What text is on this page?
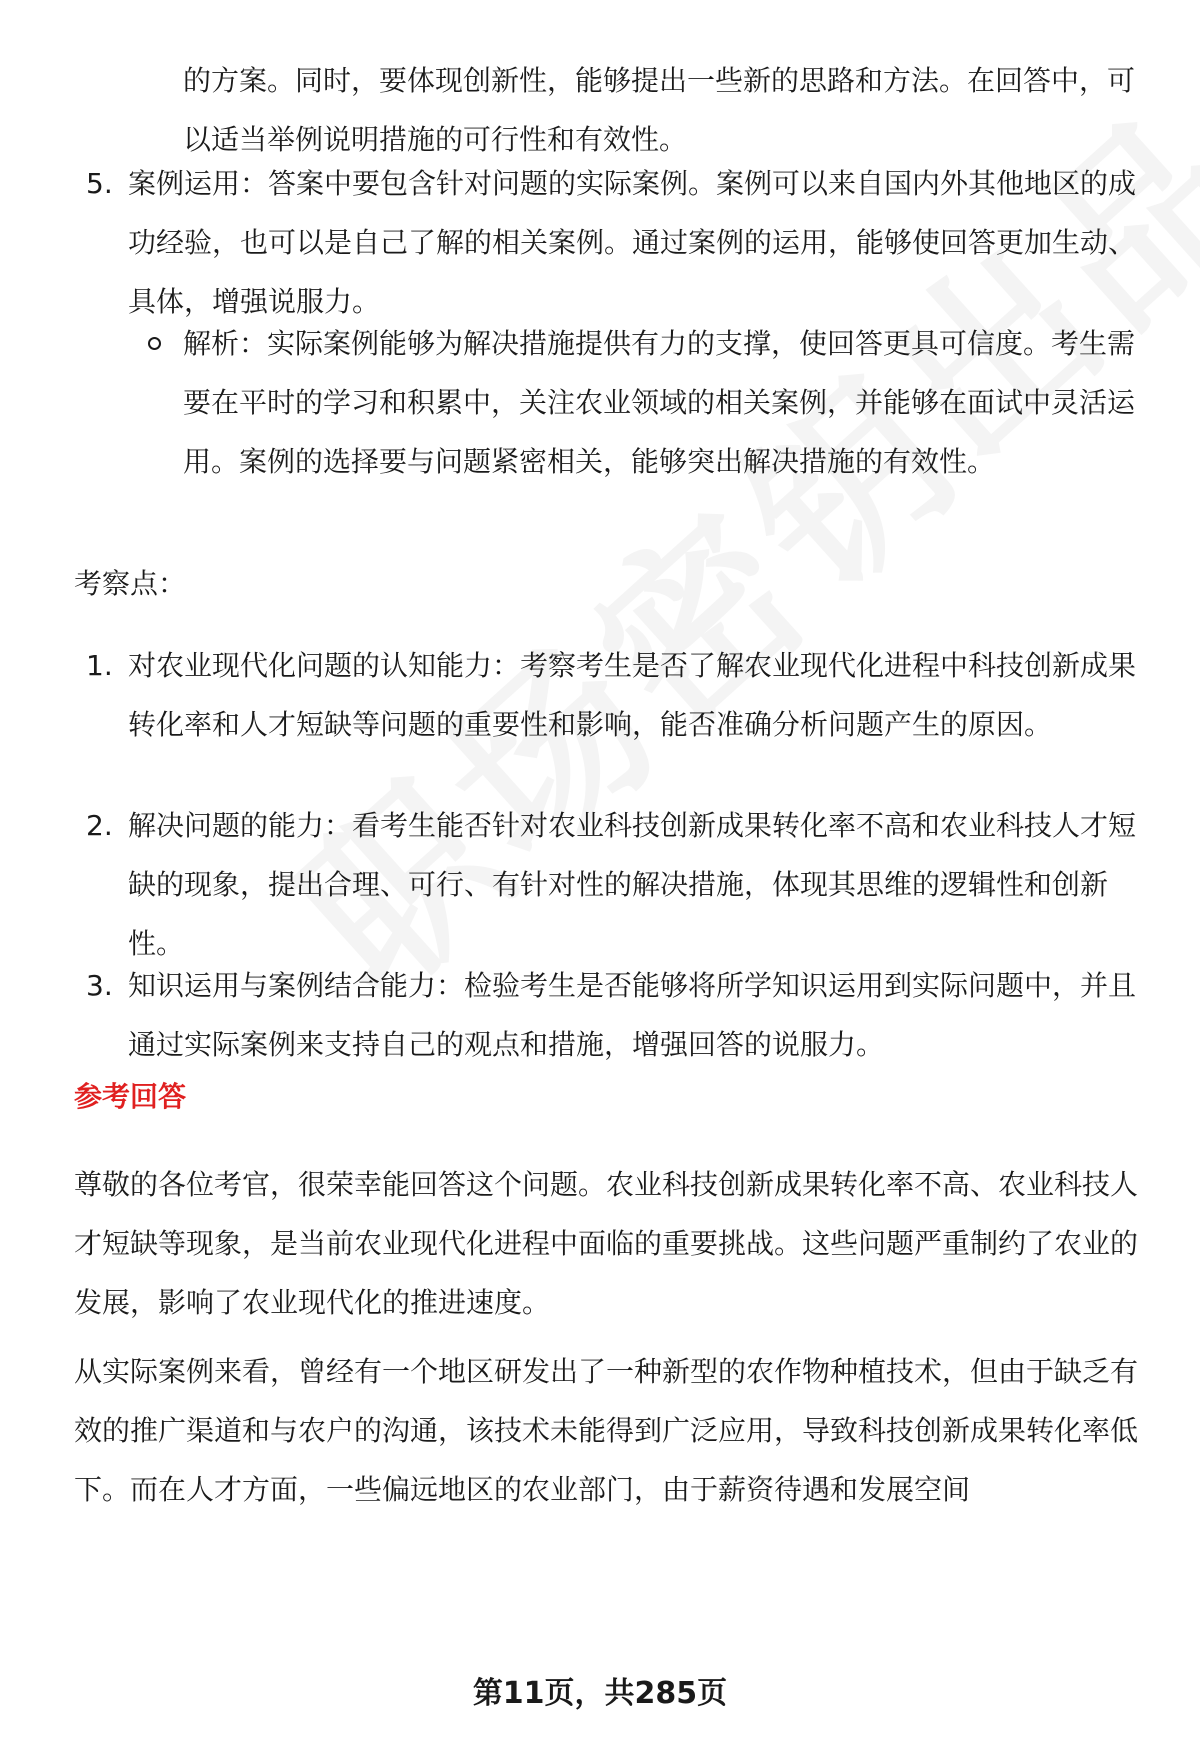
的方案。同时，要体现创新性，能够提出一些新的思路和方法。在回答中，可以适当举例说明措施的可行性和有效性。
5. 案例运用：答案中要包含针对问题的实际案例。案例可以来自国内外其他地区的成功经验，也可以是自己了解的相关案例。通过案例的运用，能够使回答更加生动、具体，增强说服力。
解析：实际案例能够为解决措施提供有力的支撑，使回答更具可信度。考生需要在平时的学习和积累中，关注农业领域的相关案例，并能够在面试中灵活运用。案例的选择要与问题紧密相关，能够突出解决措施的有效性。
考察点：
1. 对农业现代化问题的认知能力：考察考生是否了解农业现代化进程中科技创新成果转化率和人才短缺等问题的重要性和影响，能否准确分析问题产生的原因。
2. 解决问题的能力：看考生能否针对农业科技创新成果转化率不高和农业科技人才短缺的现象，提出合理、可行、有针对性的解决措施，体现其思维的逻辑性和创新性。
3. 知识运用与案例结合能力：检验考生是否能够将所学知识运用到实际问题中，并且通过实际案例来支持自己的观点和措施，增强回答的说服力。
参考回答
尊敬的各位考官，很荣幸能回答这个问题。农业科技创新成果转化率不高、农业科技人才短缺等现象，是当前农业现代化进程中面临的重要挑战。这些问题严重制约了农业的发展，影响了农业现代化的推进速度。
从实际案例来看，曾经有一个地区研发出了一种新型的农作物种植技术，但由于缺乏有效的推广渠道和与农户的沟通，该技术未能得到广泛应用，导致科技创新成果转化率低下。而在人才方面，一些偏远地区的农业部门，由于薪资待遇和发展空间
第11页，共285页
